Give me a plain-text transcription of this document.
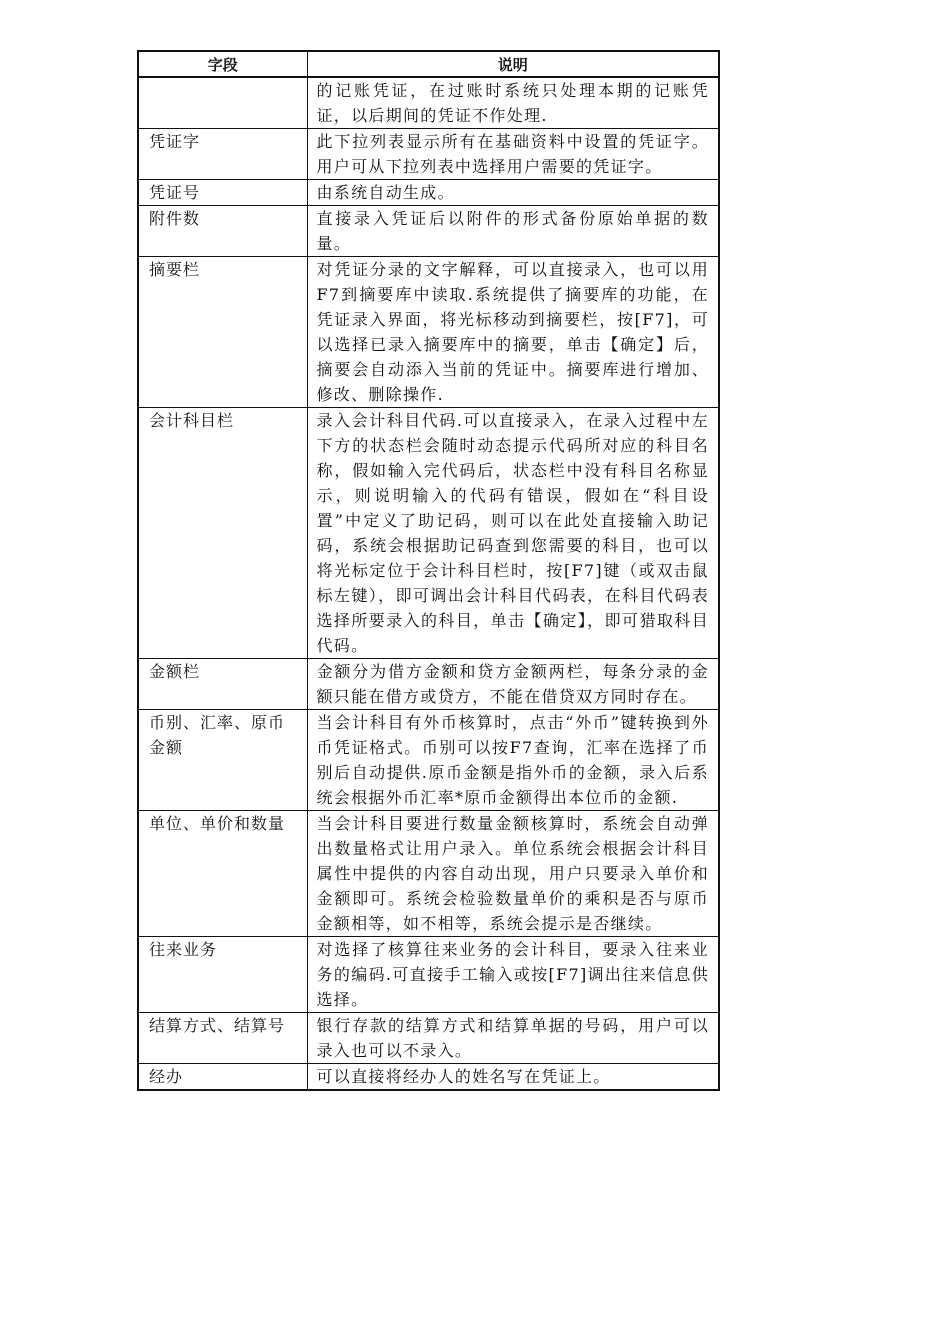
字段	说明
	的记账凭证，在过账时系统只处理本期的记账凭证，以后期间的凭证不作处理.
凭证字	此下拉列表显示所有在基础资料中设置的凭证字。用户可从下拉列表中选择用户需要的凭证字。
凭证号	由系统自动生成。
附件数	直接录入凭证后以附件的形式备份原始单据的数量。
摘要栏	对凭证分录的文字解释，可以直接录入，也可以用F7到摘要库中读取.系统提供了摘要库的功能，在凭证录入界面，将光标移动到摘要栏，按[F7]，可以选择已录入摘要库中的摘要，单击【确定】后，摘要会自动添入当前的凭证中。摘要库进行增加、修改、删除操作.
会计科目栏	录入会计科目代码.可以直接录入，在录入过程中左下方的状态栏会随时动态提示代码所对应的科目名称，假如输入完代码后，状态栏中没有科目名称显示，则说明输入的代码有错误，假如在“科目设置”中定义了助记码，则可以在此处直接输入助记码，系统会根据助记码查到您需要的科目，也可以将光标定位于会计科目栏时，按[F7]键（或双击鼠标左键），即可调出会计科目代码表，在科目代码表选择所要录入的科目，单击【确定】，即可猎取科目代码。
金额栏	金额分为借方金额和贷方金额两栏，每条分录的金额只能在借方或贷方，不能在借贷双方同时存在。
币别、汇率、原币金额	当会计科目有外币核算时，点击“外币”键转换到外币凭证格式。币别可以按F7查询，汇率在选择了币别后自动提供.原币金额是指外币的金额，录入后系统会根据外币汇率*原币金额得出本位币的金额.
单位、单价和数量	当会计科目要进行数量金额核算时，系统会自动弹出数量格式让用户录入。单位系统会根据会计科目属性中提供的内容自动出现，用户只要录入单价和金额即可。系统会检验数量单价的乘积是否与原币金额相等，如不相等，系统会提示是否继续。
往来业务	对选择了核算往来业务的会计科目，要录入往来业务的编码.可直接手工输入或按[F7]调出往来信息供选择。
结算方式、结算号	银行存款的结算方式和结算单据的号码，用户可以录入也可以不录入。
经办	可以直接将经办人的姓名写在凭证上。
